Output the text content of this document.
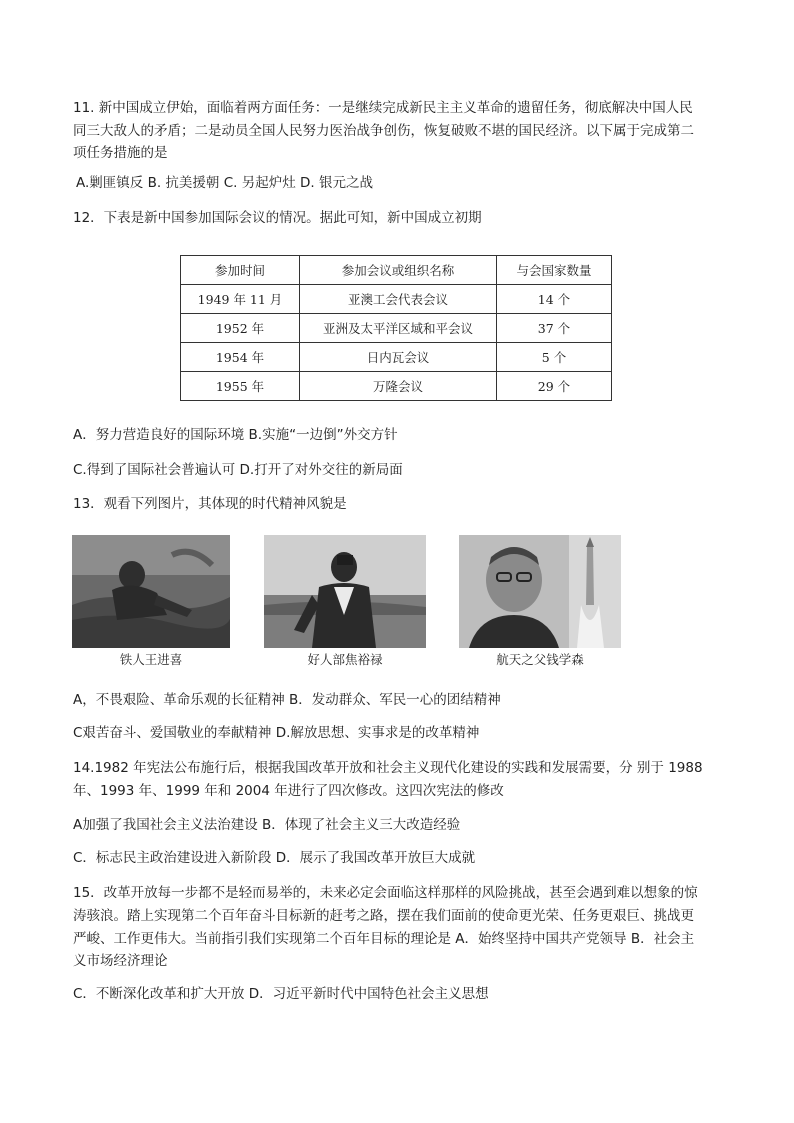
11. 新中国成立伊始，面临着两方面任务：一是继续完成新民主主义革命的遗留任务，彻底解决中国人民
同三大敌人的矛盾；二是动员全国人民努力医治战争创伤，恢复破败不堪的国民经济。以下属于完成第二
项任务措施的是
A.剿匪镇反 B. 抗美援朝 C. 另起炉灶 D. 银元之战
12．下表是新中国参加国际会议的情况。据此可知，新中国成立初期
参加时间	参加会议或组织名称	与会国家数量
1949 年 11 月	亚澳工会代表会议	14 个
1952 年	亚洲及太平洋区域和平会议	37 个
1954 年	日内瓦会议	5 个
1955 年	万隆会议	29 个
A．努力营造良好的国际环境 B.实施“一边倒”外交方针
C.得到了国际社会普遍认可 D.打开了对外交往的新局面
13．观看下列图片，其体现的时代精神风貌是
铁人王进喜	好人部焦裕禄	航天之父钱学森
A，不畏艰险、革命乐观的长征精神 B．发动群众、军民一心的团结精神
C艰苦奋斗、爱国敬业的奉献精神 D.解放思想、实事求是的改革精神
14.1982 年宪法公布施行后，根据我国改革开放和社会主义现代化建设的实践和发展需要，分 别于 1988
年、1993 年、1999 年和 2004 年进行了四次修改。这四次宪法的修改
A加强了我国社会主义法治建设 B．体现了社会主义三大改造经验
C．标志民主政治建设进入新阶段 D．展示了我国改革开放巨大成就
15．改革开放每一步都不是轻而易举的，未来必定会面临这样那样的风险挑战，甚至会遇到难以想象的惊
涛骇浪。踏上实现第二个百年奋斗目标新的赶考之路，摆在我们面前的使命更光荣、任务更艰巨、挑战更
严峻、工作更伟大。当前指引我们实现第二个百年目标的理论是 A．始终坚持中国共产党领导 B．社会主
义市场经济理论
C．不断深化改革和扩大开放 D．习近平新时代中国特色社会主义思想
